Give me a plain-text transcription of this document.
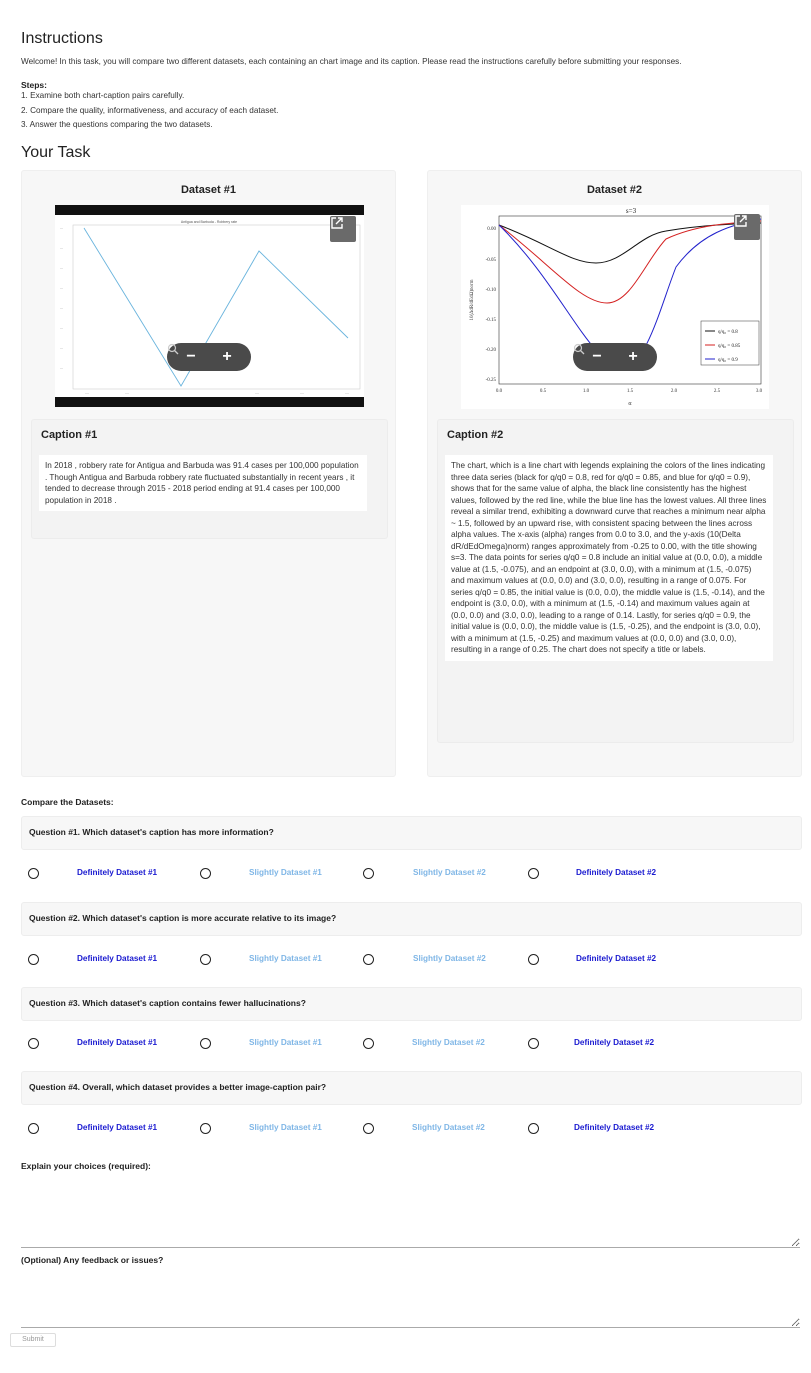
Instructions
Welcome! In this task, you will compare two different datasets, each containing an chart image and its caption. Please read the instructions carefully before submitting your responses.
Steps:
1. Examine both chart-caption pairs carefully.
2. Compare the quality, informativeness, and accuracy of each dataset.
3. Answer the questions comparing the two datasets.
Your Task
Dataset #1
Antigua and Barbuda - Robbery rate
---
---
---
---
---
---
---
---
----	----	----	----	----
− +
Caption #1
In 2018 , robbery rate for Antigua and Barbuda was 91.4 cases per 100,000 population . Though Antigua and Barbuda robbery rate fluctuated substantially in recent years , it tended to decrease through 2015 - 2018 period ending at 91.4 cases per 100,000 population in 2018 .
Dataset #2
s=3
0.00
-0.05
-0.10
-0.15
-0.20
-0.25
0.0	0.5	1.0	1.5	2.0	2.5	3.0
α
10(ΔdR/dEdΩ)norm
q/q₀ = 0.8
q/q₀ = 0.85
q/q₀ = 0.9
− +
Caption #2
The chart, which is a line chart with legends explaining the colors of the lines indicating three data series (black for q/q0 = 0.8, red for q/q0 = 0.85, and blue for q/q0 = 0.9), shows that for the same value of alpha, the black line consistently has the highest values, followed by the red line, while the blue line has the lowest values. All three lines reveal a similar trend, exhibiting a downward curve that reaches a minimum near alpha ~ 1.5, followed by an upward rise, with consistent spacing between the lines across alpha values. The x-axis (alpha) ranges from 0.0 to 3.0, and the y-axis (10(Delta dR/dEdOmega)norm) ranges approximately from -0.25 to 0.00, with the title showing s=3. The data points for series q/q0 = 0.8 include an initial value at (0.0, 0.0), a middle value at (1.5, -0.075), and an endpoint at (3.0, 0.0), with a minimum at (1.5, -0.075) and maximum values at (0.0, 0.0) and (3.0, 0.0), resulting in a range of 0.075. For series q/q0 = 0.85, the initial value is (0.0, 0.0), the middle value is (1.5, -0.14), and the endpoint is (3.0, 0.0), with a minimum at (1.5, -0.14) and maximum values again at (0.0, 0.0) and (3.0, 0.0), leading to a range of 0.14. Lastly, for series q/q0 = 0.9, the initial value is (0.0, 0.0), the middle value is (1.5, -0.25), and the endpoint is (3.0, 0.0), with a minimum at (1.5, -0.25) and maximum values at (0.0, 0.0) and (3.0, 0.0), resulting in a range of 0.25. The chart does not specify a title or labels.
Compare the Datasets:
Question #1. Which dataset's caption has more information?
Definitely Dataset #1	Slightly Dataset #1	Slightly Dataset #2	Definitely Dataset #2
Question #2. Which dataset's caption is more accurate relative to its image?
Definitely Dataset #1	Slightly Dataset #1	Slightly Dataset #2	Definitely Dataset #2
Question #3. Which dataset's caption contains fewer hallucinations?
Definitely Dataset #1	Slightly Dataset #1	Slightly Dataset #2	Definitely Dataset #2
Question #4. Overall, which dataset provides a better image-caption pair?
Definitely Dataset #1	Slightly Dataset #1	Slightly Dataset #2	Definitely Dataset #2
Explain your choices (required):
(Optional) Any feedback or issues?
Submit
